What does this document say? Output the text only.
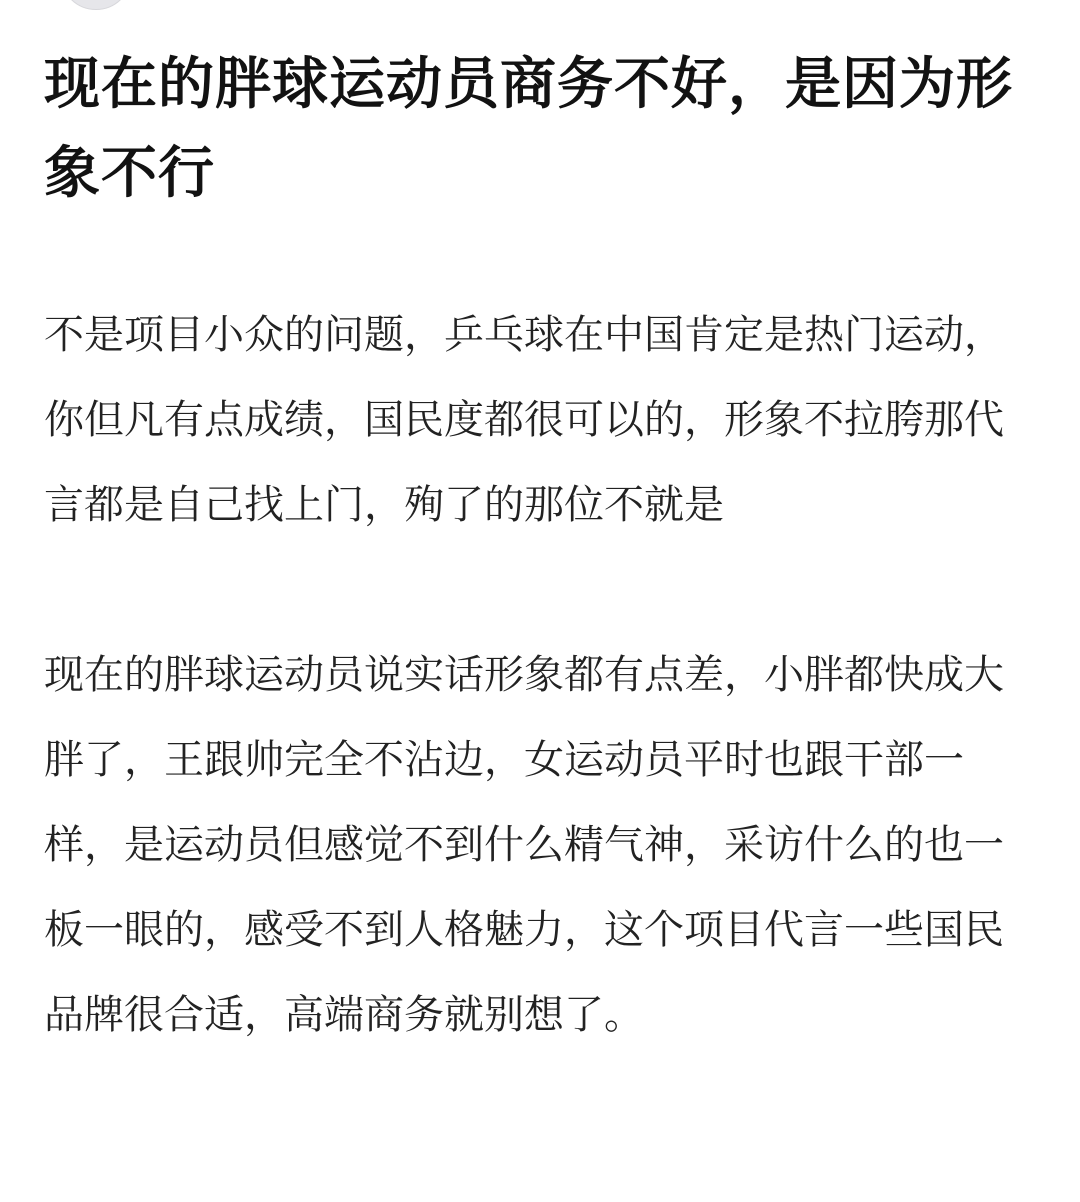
现在的胖球运动员商务不好，是因为形象不行

不是项目小众的问题，乒乓球在中国肯定是热门运动，你但凡有点成绩，国民度都很可以的，形象不拉胯那代言都是自己找上门，殉了的那位不就是

现在的胖球运动员说实话形象都有点差，小胖都快成大胖了，王跟帅完全不沾边，女运动员平时也跟干部一样，是运动员但感觉不到什么精气神，采访什么的也一板一眼的，感受不到人格魅力，这个项目代言一些国民品牌很合适，高端商务就别想了。
